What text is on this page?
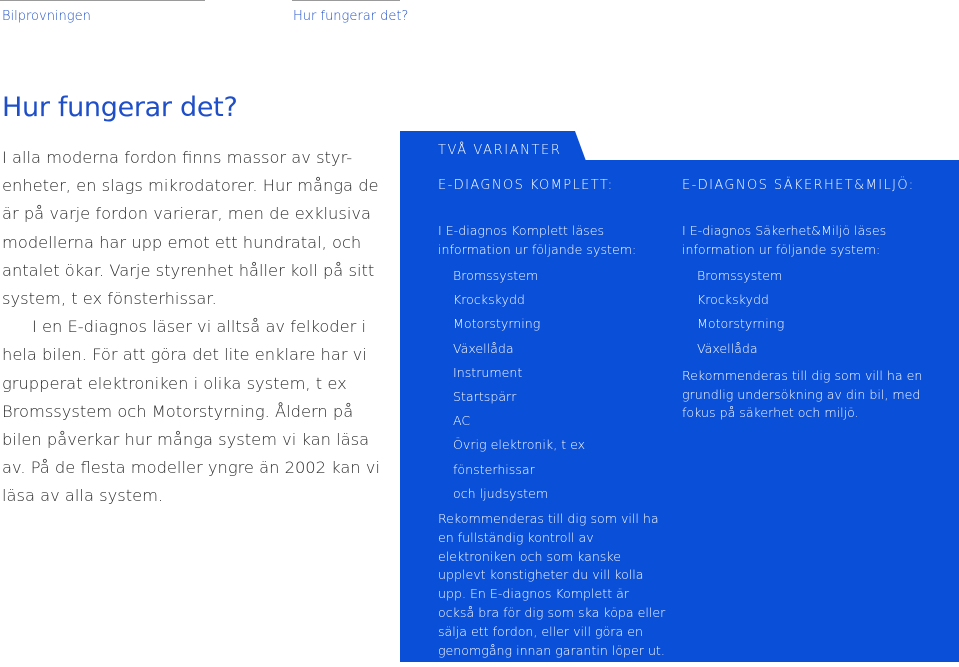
Bilprovningen	Hur fungerar det?
Hur fungerar det?

I alla moderna fordon finns massor av styr-enheter, en slags mikrodatorer. Hur många de är på varje fordon varierar, men de exklusiva modellerna har upp emot ett hundratal, och antalet ökar. Varje styrenhet håller koll på sitt system, t ex fönsterhissar.

I en E-diagnos läser vi alltså av felkoder i hela bilen. För att göra det lite enklare har vi grupperat elektroniken i olika system, t ex Bromssystem och Motorstyrning. Åldern på bilen påverkar hur många system vi kan läsa av. På de flesta modeller yngre än 2002 kan vi läsa av alla system.

TVÅ VARIANTER
E-DIAGNOS KOMPLETT:
I E-diagnos Komplett läses information ur följande system:
Bromssystem
Krockskydd
Motorstyrning
Växellåda
Instrument
Startspärr
AC
Övrig elektronik, t ex fönsterhissar
och ljudsystem
Rekommenderas till dig som vill ha en fullständig kontroll av elektroniken och som kanske upplevt konstigheter du vill kolla upp. En E-diagnos Komplett är också bra för dig som ska köpa eller sälja ett fordon, eller vill göra en genomgång innan garantin löper ut.
E-DIAGNOS SÄKERHET&MILJÖ:
I E-diagnos Säkerhet&Miljö läses information ur följande system:
Bromssystem
Krockskydd
Motorstyrning
Växellåda
Rekommenderas till dig som vill ha en grundlig undersökning av din bil, med fokus på säkerhet och miljö.
